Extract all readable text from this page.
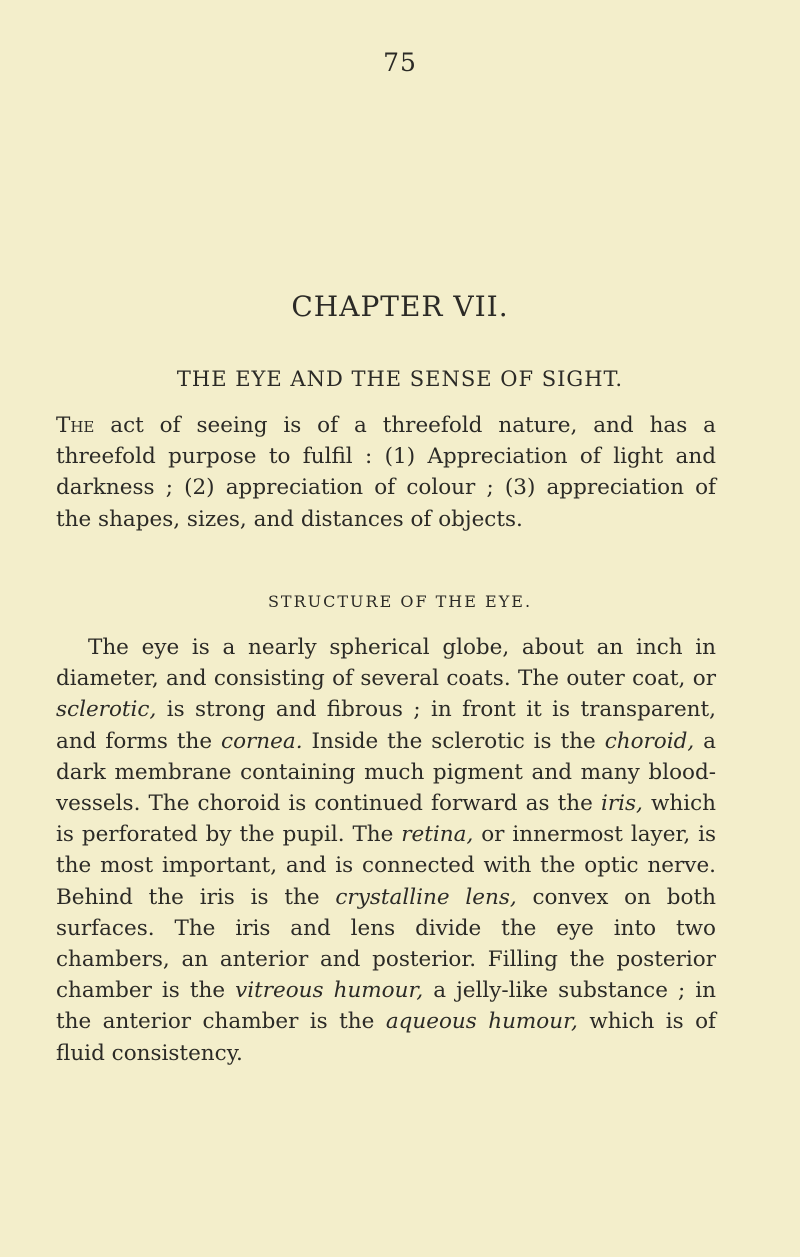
75
CHAPTER VII.
THE EYE AND THE SENSE OF SIGHT.

The act of seeing is of a threefold nature, and has a threefold purpose to fulfil : (1) Appreciation of light and darkness ; (2) appreciation of colour ; (3) appreciation of the shapes, sizes, and distances of objects.

STRUCTURE OF THE EYE.

The eye is a nearly spherical globe, about an inch in diameter, and consisting of several coats. The outer coat, or sclerotic, is strong and fibrous ; in front it is transparent, and forms the cornea. Inside the sclerotic is the choroid, a dark membrane containing much pigment and many blood-vessels. The choroid is continued forward as the iris, which is perforated by the pupil. The retina, or innermost layer, is the most important, and is connected with the optic nerve. Behind the iris is the crystalline lens, convex on both surfaces. The iris and lens divide the eye into two chambers, an anterior and posterior. Filling the posterior chamber is the vitreous humour, a jelly-like substance ; in the anterior chamber is the aqueous humour, which is of fluid consistency.
